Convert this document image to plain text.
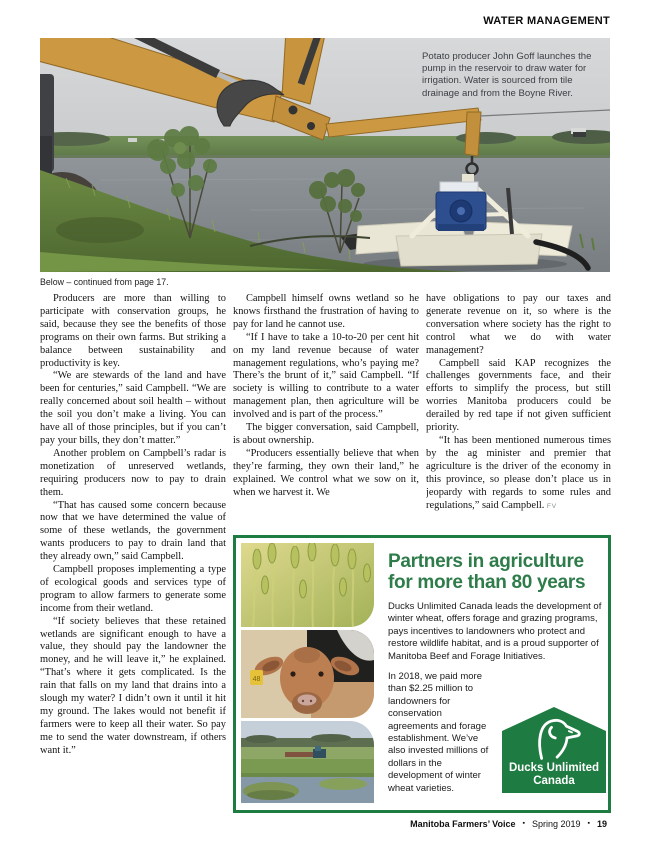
WATER MANAGEMENT
Potato producer John Goff launches the pump in the reservoir to draw water for irrigation. Water is sourced from tile drainage and from the Boyne River.
Below – continued from page 17.

Producers are more than willing to participate with conservation groups, he said, because they see the benefits of those programs on their own farms. But striking a balance between sustainability and productivity is key.

“We are stewards of the land and have been for centuries,” said Campbell. “We are really concerned about soil health – without the soil you don’t make a living. You can have all of those principles, but if you can’t pay your bills, they don’t matter.”

Another problem on Campbell’s radar is monetization of unreserved wetlands, requiring producers now to pay to drain them.

“That has caused some concern because now that we have determined the value of some of these wetlands, the government wants producers to pay to drain land that they already own,” said Campbell.

Campbell proposes implementing a type of ecological goods and services type of program to allow farmers to generate some income from their wetland.

“If society believes that these retained wetlands are significant enough to have a value, they should pay the landowner the money, and he will leave it,” he explained. “That’s where it gets complicated. Is the rain that falls on my land that drains into a slough my water? I didn’t own it until it hit my ground. The lakes would not benefit if farmers were to keep all their water. So pay me to send the water downstream, if others want it.”

Campbell himself owns wetland so he knows firsthand the frustration of having to pay for land he cannot use.

“If I have to take a 10-to-20 per cent hit on my land revenue because of water management regulations, who’s paying me? There’s the brunt of it,” said Campbell. “If society is willing to contribute to a water management plan, then agriculture will be involved and is part of the process.”

The bigger conversation, said Campbell, is about ownership.

“Producers essentially believe that when they’re farming, they own their land,” he explained. We control what we sow on it, when we harvest it. We

have obligations to pay our taxes and generate revenue on it, so where is the conversation where society has the right to control what we do with water management?

Campbell said KAP recognizes the challenges governments face, and their efforts to simplify the process, but still worries Manitoba producers could be derailed by red tape if not given sufficient priority.

“It has been mentioned numerous times by the ag minister and premier that agriculture is the driver of the economy in this province, so please don’t place us in jeopardy with regards to some rules and regulations,” said Campbell. FV

48
Partners in agriculture
for more than 80 years
Ducks Unlimited Canada leads the development of winter wheat, offers forage and grazing programs, pays incentives to landowners who protect and restore wildlife habitat, and is a proud supporter of Manitoba Beef and Forage Initiatives.
Ducks Unlimited
Canada
In 2018, we paid more than $2.25 million to landowners for conservation agreements and forage establishment. We’ve also invested millions of dollars in the development of winter wheat varieties.
Manitoba Farmers’ Voice ▪ Spring 2019 ▪ 19
